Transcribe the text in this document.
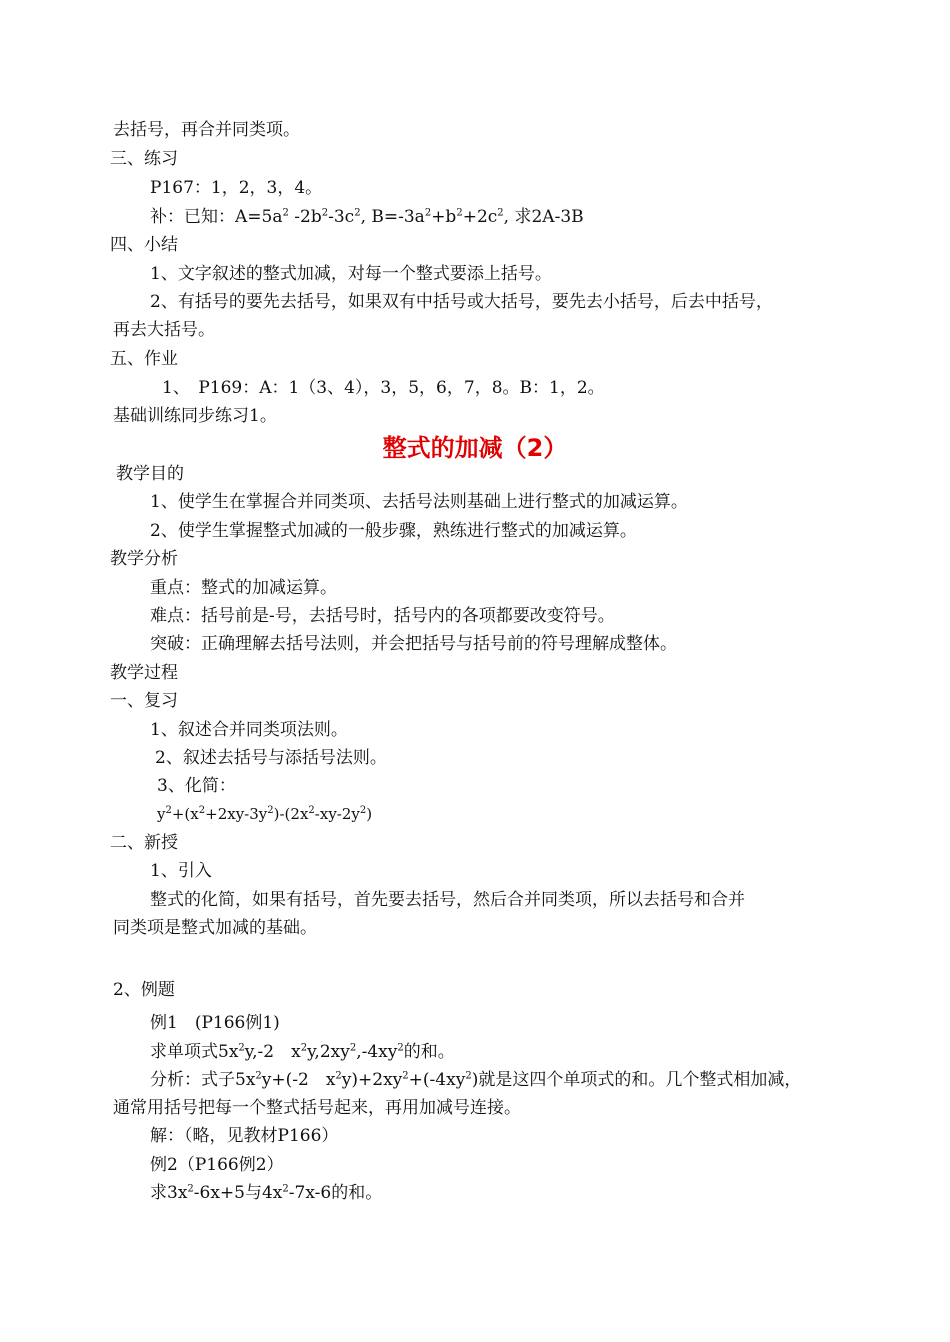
去括号，再合并同类项。
三、练习
P167：1，2，3，4。
补：已知：$A=5a^2$ $-2b^2-3c^2$, $B=-3a^2+b^2+2c^2$, 求2A-3B
四、小结
1、文字叙述的整式加减，对每一个整式要添上括号。
2、有括号的要先去括号，如果双有中括号或大括号，要先去小括号，后去中括号，
再去大括号。
五、作业
1、　P169：A：1（3、4），3，5，6，7，8。B：1，2。
基础训练同步练习1。
整式的加减（2）
教学目的
1、使学生在掌握合并同类项、去括号法则基础上进行整式的加减运算。
2、使学生掌握整式加减的一般步骤，熟练进行整式的加减运算。
教学分析
重点：整式的加减运算。
难点：括号前是-号，去括号时，括号内的各项都要改变符号。
突破：正确理解去括号法则，并会把括号与括号前的符号理解成整体。
教学过程
一、复习
1、叙述合并同类项法则。
2、叙述去括号与添括号法则。
3、化简：
$y^2+(x^2+2xy-3y^2)-(2x^2-xy-2y^2)$
二、新授
1、引入
整式的化简，如果有括号，首先要去括号，然后合并同类项，所以去括号和合并
同类项是整式加减的基础。
2、例题
例1　(P166例1)
求单项式$5x^2y,-2$　$x^2y,2xy^2,-4xy^2$的和。
分析：式子$5x^2y+(-2$　$x^2y)+2xy^2+(-4xy^2)$就是这四个单项式的和。几个整式相加减，
通常用括号把每一个整式括号起来，再用加减号连接。
解：（略，见教材P166）
例2（P166例2）
求$3x^2-6x+5$与$4x^2-7x-6$的和。
